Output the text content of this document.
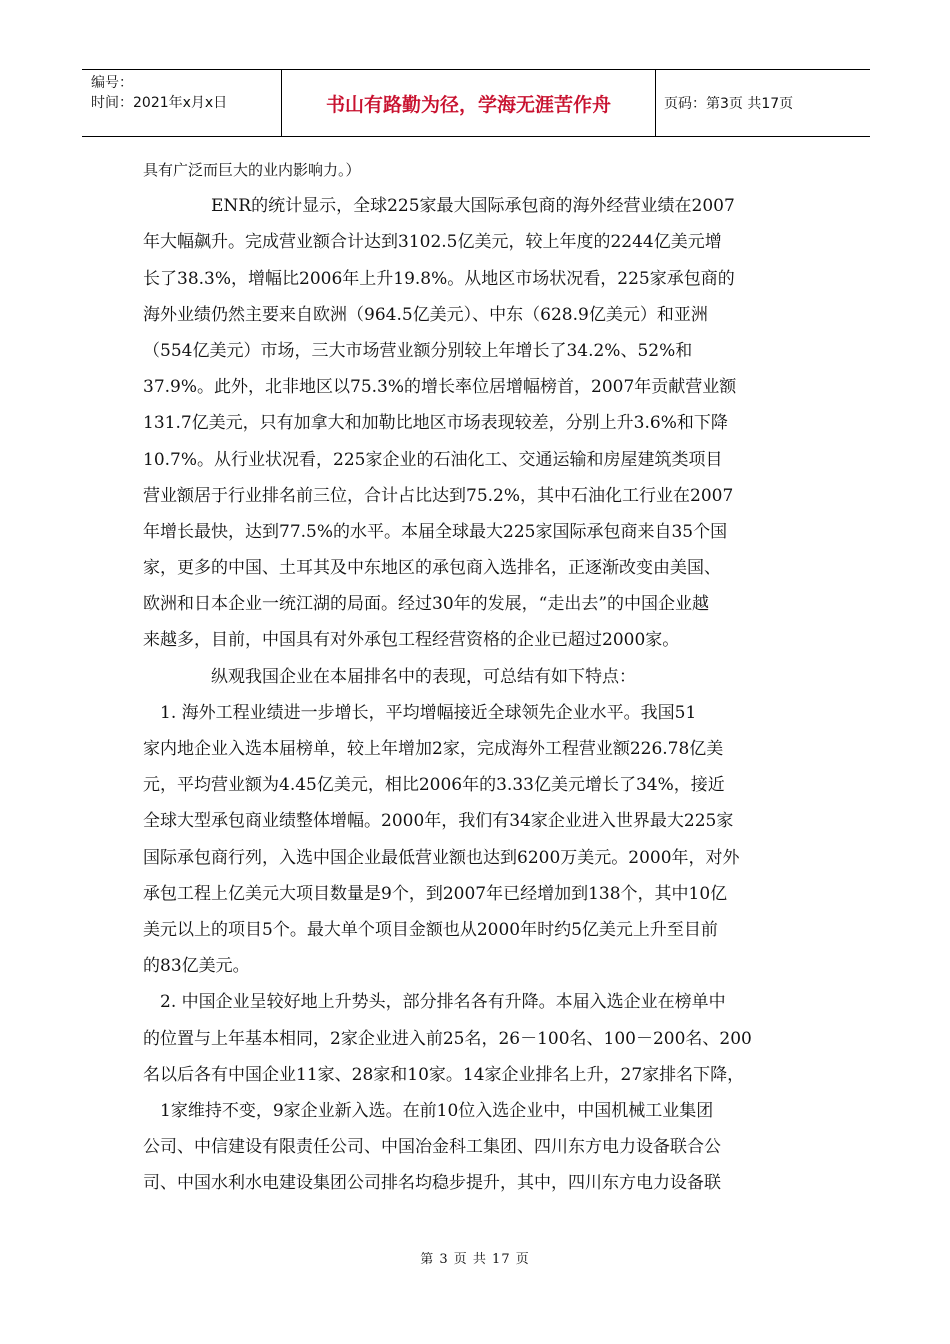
编号：
时间：2021年x月x日	书山有路勤为径，学海无涯苦作舟	页码：第3页 共17页
具有广泛而巨大的业内影响力。）
　　　　ENR的统计显示，全球225家最大国际承包商的海外经营业绩在2007
年大幅飙升。完成营业额合计达到3102.5亿美元，较上年度的2244亿美元增
长了38.3%，增幅比2006年上升19.8%。从地区市场状况看，225家承包商的
海外业绩仍然主要来自欧洲（964.5亿美元）、中东（628.9亿美元）和亚洲
（554亿美元）市场，三大市场营业额分别较上年增长了34.2%、52%和
37.9%。此外，北非地区以75.3%的增长率位居增幅榜首，2007年贡献营业额
131.7亿美元，只有加拿大和加勒比地区市场表现较差，分别上升3.6%和下降
10.7%。从行业状况看，225家企业的石油化工、交通运输和房屋建筑类项目
营业额居于行业排名前三位，合计占比达到75.2%，其中石油化工行业在2007
年增长最快，达到77.5%的水平。本届全球最大225家国际承包商来自35个国
家，更多的中国、土耳其及中东地区的承包商入选排名，正逐渐改变由美国、
欧洲和日本企业一统江湖的局面。经过30年的发展，“走出去”的中国企业越
来越多，目前，中国具有对外承包工程经营资格的企业已超过2000家。
　　　　纵观我国企业在本届排名中的表现，可总结有如下特点：
　1. 海外工程业绩进一步增长，平均增幅接近全球领先企业水平。我国51
家内地企业入选本届榜单，较上年增加2家，完成海外工程营业额226.78亿美
元，平均营业额为4.45亿美元，相比2006年的3.33亿美元增长了34%，接近
全球大型承包商业绩整体增幅。2000年，我们有34家企业进入世界最大225家
国际承包商行列，入选中国企业最低营业额也达到6200万美元。2000年，对外
承包工程上亿美元大项目数量是9个，到2007年已经增加到138个，其中10亿
美元以上的项目5个。最大单个项目金额也从2000年时约5亿美元上升至目前
的83亿美元。
　2. 中国企业呈较好地上升势头，部分排名各有升降。本届入选企业在榜单中
的位置与上年基本相同，2家企业进入前25名，26－100名、100－200名、200
名以后各有中国企业11家、28家和10家。14家企业排名上升，27家排名下降，
　1家维持不变，9家企业新入选。在前10位入选企业中，中国机械工业集团
公司、中信建设有限责任公司、中国冶金科工集团、四川东方电力设备联合公
司、中国水利水电建设集团公司排名均稳步提升，其中，四川东方电力设备联
第 3 页 共 17 页
